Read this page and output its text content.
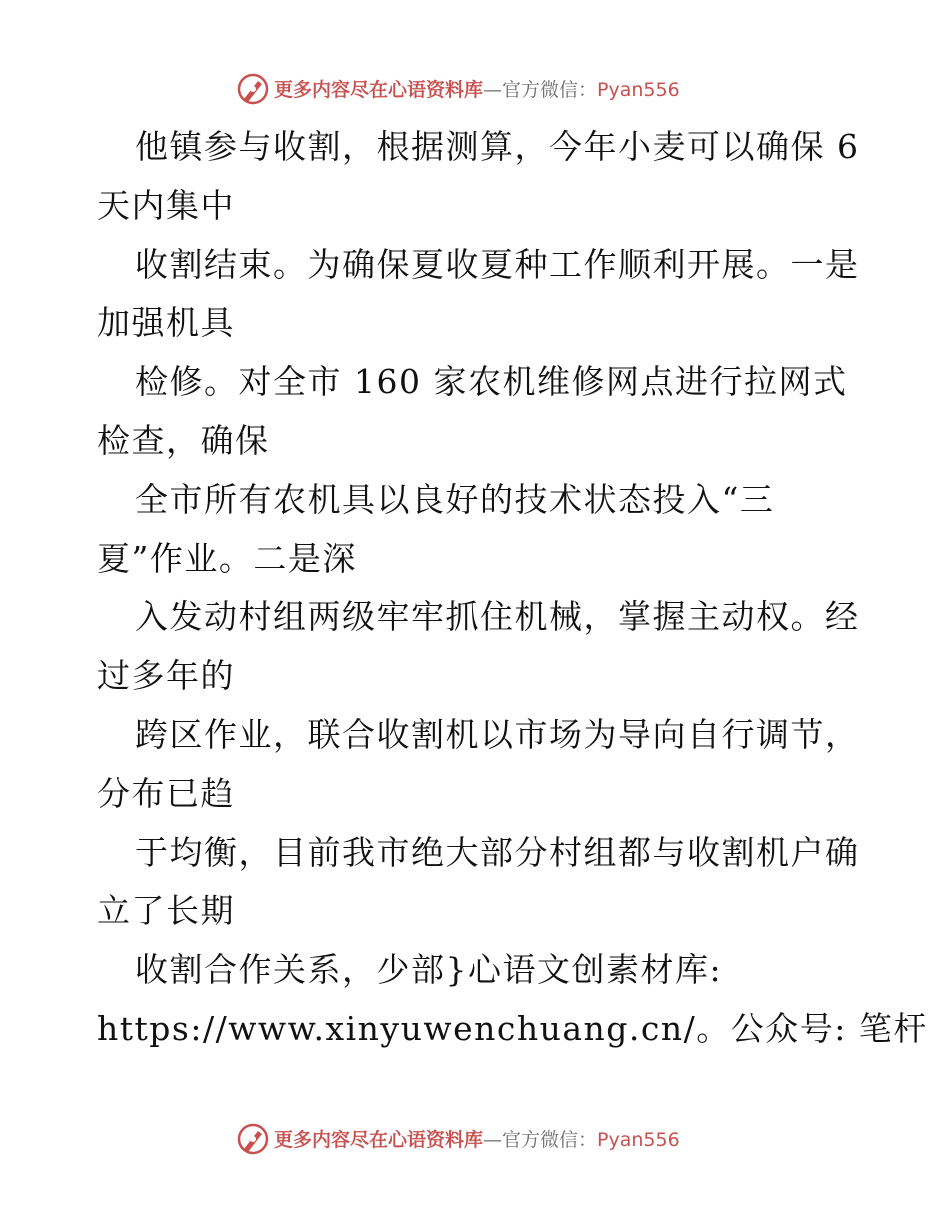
更多内容尽在心语资料库—官方微信：Pyan556
他镇参与收割，根据测算，今年小麦可以确保 6
天内集中
收割结束。为确保夏收夏种工作顺利开展。一是
加强机具
检修。对全市 160 家农机维修网点进行拉网式
检查，确保
全市所有农机具以良好的技术状态投入“三
夏”作业。二是深
入发动村组两级牢牢抓住机械，掌握主动权。经
过多年的
跨区作业，联合收割机以市场为导向自行调节，
分布已趋
于均衡，目前我市绝大部分村组都与收割机户确
立了长期
收割合作关系，少部}心语文创素材库:
https://www.xinyuwenchuang.cn/。公众号: 笔杆
更多内容尽在心语资料库—官方微信：Pyan556
